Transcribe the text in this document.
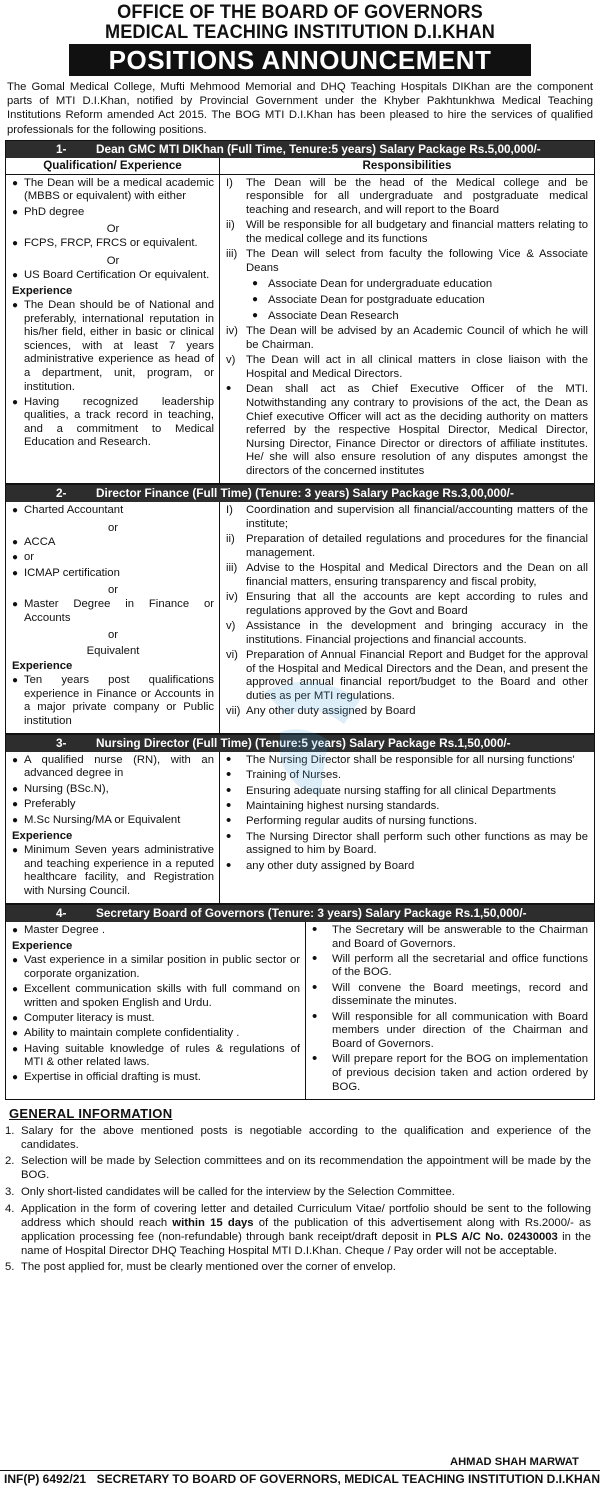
OFFICE OF THE BOARD OF GOVERNORS
MEDICAL TEACHING INSTITUTION D.I.KHAN
POSITIONS ANNOUNCEMENT
The Gomal Medical College, Mufti Mehmood Memorial and DHQ Teaching Hospitals DIKhan are the component parts of MTI D.I.Khan, notified by Provincial Government under the Khyber Pakhtunkhwa Medical Teaching Institutions Reform amended Act 2015. The BOG MTI D.I.Khan has been pleased to hire the services of qualified professionals for the following positions.
1-	Dean GMC MTI DIKhan (Full Time, Tenure:5 years) Salary Package Rs.5,00,000/-
Qualification/ Experience	Responsibilities
● The Dean will be a medical academic (MBBS or equivalent) with either
● PhD degree
Or
● FCPS, FRCP, FRCS or equivalent.
Or
● US Board Certification Or equivalent.
Experience
● The Dean should be of National and preferably, international reputation in his/her field, either in basic or clinical sciences, with at least 7 years administrative experience as head of a department, unit, program, or institution.
● Having recognized leadership qualities, a track record in teaching, and a commitment to Medical Education and Research.
I)	The Dean will be the head of the Medical college and be responsible for all undergraduate and postgraduate medical teaching and research, and will report to the Board
ii) Will be responsible for all budgetary and financial matters relating to the medical college and its functions
iii) The Dean will select from faculty the following Vice & Associate Deans
● Associate Dean for undergraduate education
● Associate Dean for postgraduate education
● Associate Dean Research
iv) The Dean will be advised by an Academic Council of which he will be Chairman.
v) The Dean will act in all clinical matters in close liaison with the Hospital and Medical Directors.
•	Dean shall act as Chief Executive Officer of the MTI. Notwithstanding any contrary to provisions of the act, the Dean as Chief executive Officer will act as the deciding authority on matters referred by the respective Hospital Director, Medical Director, Nursing Director, Finance Director or directors of affiliate institutes. He/ she will also ensure resolution of any disputes amongst the directors of the concerned institutes
2-	Director Finance (Full Time) (Tenure: 3 years) Salary Package Rs.3,00,000/-
● Charted Accountant
or
● ACCA
● or
● ICMAP certification
or
● Master Degree in Finance or Accounts
or
Equivalent
Experience
● Ten years post qualifications experience in Finance or Accounts in a major private company or Public institution
I)	Coordination and supervision all financial/accounting matters of the institute;
ii) Preparation of detailed regulations and procedures for the financial management.
iii) Advise to the Hospital and Medical Directors and the Dean on all financial matters, ensuring transparency and fiscal probity,
iv) Ensuring that all the accounts are kept according to rules and regulations approved by the Govt and Board
v) Assistance in the development and bringing accuracy in the institutions. Financial projections and financial accounts.
vi) Preparation of Annual Financial Report and Budget for the approval of the Hospital and Medical Directors and the Dean, and present the approved annual financial report/budget to the Board and other duties as per MTI regulations.
vii) Any other duty assigned by Board
3-	Nursing Director (Full Time) (Tenure:5 years) Salary Package Rs.1,50,000/-
● A qualified nurse (RN), with an advanced degree in
● Nursing (BSc.N),
● Preferably
● M.Sc Nursing/MA or Equivalent
Experience
● Minimum Seven years administrative and teaching experience in a reputed healthcare facility, and Registration with Nursing Council.
•	The Nursing Director shall be responsible for all nursing functions'
•	Training of Nurses.
•	Ensuring adequate nursing staffing for all clinical Departments
•	Maintaining highest nursing standards.
•	Performing regular audits of nursing functions.
•	The Nursing Director shall perform such other functions as may be assigned to him by Board.
•	any other duty assigned by Board
4-	Secretary Board of Governors (Tenure: 3 years) Salary Package Rs.1,50,000/-
● Master Degree .
Experience
● Vast experience in a similar position in public sector or corporate organization.
● Excellent communication skills with full command on written and spoken English and Urdu.
● Computer literacy is must.
● Ability to maintain complete confidentiality .
● Having suitable knowledge of rules & regulations of MTI & other related laws.
● Expertise in official drafting is must.
•	The Secretary will be answerable to the Chairman and Board of Governors.
•	Will perform all the secretarial and office functions of the BOG.
•	Will convene the Board meetings, record and disseminate the minutes.
•	Will responsible for all communication with Board members under direction of the Chairman and Board of Governors.
•	Will prepare report for the BOG on implementation of previous decision taken and action ordered by BOG.
GENERAL INFORMATION
1. Salary for the above mentioned posts is negotiable according to the qualification and experience of the candidates.
2. Selection will be made by Selection committees and on its recommendation the appointment will be made by the BOG.
3. Only short-listed candidates will be called for the interview by the Selection Committee.
4. Application in the form of covering letter and detailed Curriculum Vitae/ portfolio should be sent to the following address which should reach within 15 days of the publication of this advertisement along with Rs.2000/- as application processing fee (non-refundable) through bank receipt/draft deposit in PLS A/C No. 02430003 in the name of Hospital Director DHQ Teaching Hospital MTI D.I.Khan. Cheque / Pay order will not be acceptable.
5. The post applied for, must be clearly mentioned over the corner of envelop.
AHMAD SHAH MARWAT
INF(P) 6492/21 SECRETARY TO BOARD OF GOVERNORS, MEDICAL TEACHING INSTITUTION D.I.KHAN
